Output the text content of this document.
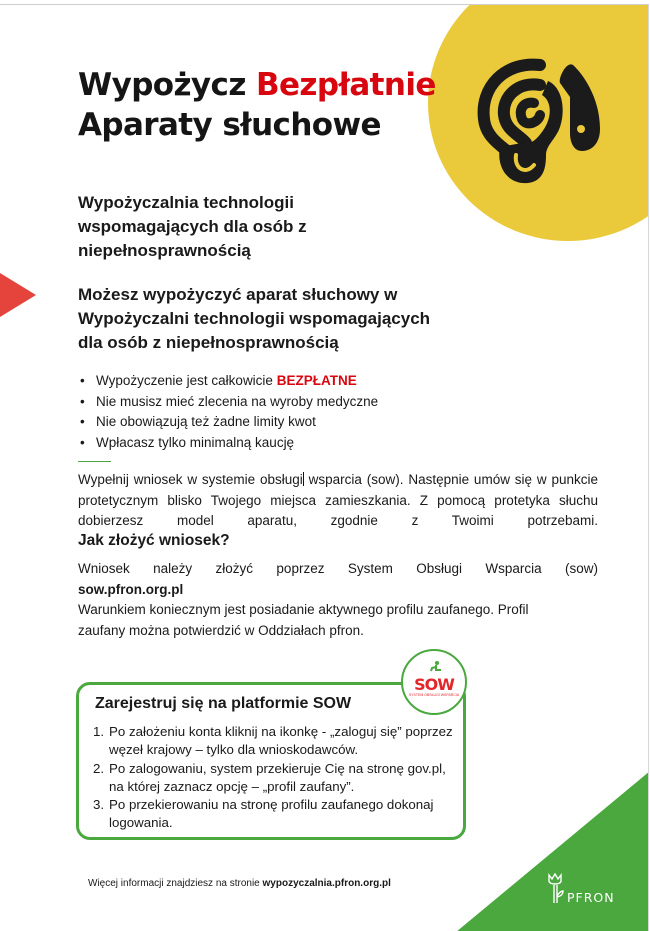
Wypożycz Bezpłatnie
Aparaty słuchowe
Wypożyczalnia technologii wspomagających dla osób z niepełnosprawnością
Możesz wypożyczyć aparat słuchowy w Wypożyczalni technologii wspomagających dla osób z niepełnosprawnością
• Wypożyczenie jest całkowicie BEZPŁATNE
• Nie musisz mieć zlecenia na wyroby medyczne
• Nie obowiązują też żadne limity kwot
• Wpłacasz tylko minimalną kaucję
Wypełnij wniosek w systemie obsługi wsparcia (sow). Następnie umów się w punkcie protetycznym blisko Twojego miejsca zamieszkania. Z pomocą protetyka słuchu dobierzesz model aparatu, zgodnie z Twoimi potrzebami.
Jak złożyć wniosek?
Wniosek należy złożyć poprzez System Obsługi Wsparcia (sow)
sow.pfron.org.pl

Warunkiem koniecznym jest posiadanie aktywnego profilu zaufanego. Profil zaufany można potwierdzić w Oddziałach pfron.
Zarejestruj się na platformie SOW
1. Po założeniu konta kliknij na ikonkę - „zaloguj się” poprzez węzeł krajowy – tylko dla wnioskodawców.
2. Po zalogowaniu, system przekieruje Cię na stronę gov.pl, na której zaznacz opcję – „profil zaufany”.
3. Po przekierowaniu na stronę profilu zaufanego dokonaj logowania.
SOW
SYSTEM OBSŁUGI WSPARCIA
Więcej informacji znajdziesz na stronie wypozyczalnia.pfron.org.pl
PFRON
